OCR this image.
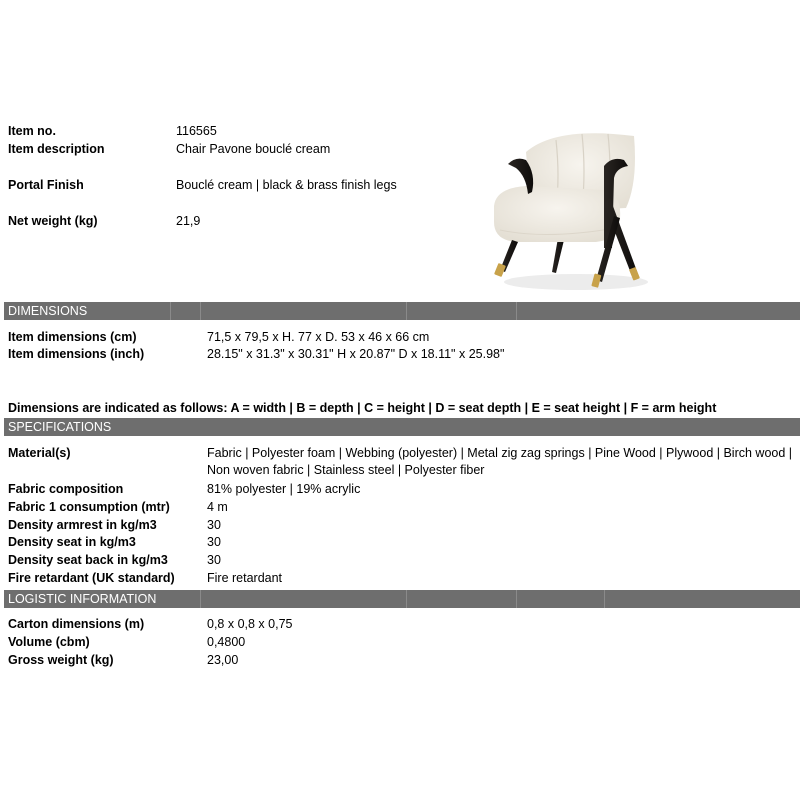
Item no.	116565
Item description	Chair Pavone bouclé cream
Portal Finish	Bouclé cream | black & brass finish legs
Net weight (kg)	21,9
DIMENSIONS
Item dimensions (cm)	71,5 x 79,5 x H. 77 x D. 53 x 46 x 66 cm
Item dimensions (inch)	28.15" x 31.3" x 30.31" H x 20.87" D x 18.11" x 25.98"
Dimensions are indicated as follows: A = width | B = depth | C = height | D = seat depth | E = seat height | F = arm height
SPECIFICATIONS
Material(s)	Fabric | Polyester foam | Webbing (polyester) | Metal zig zag springs | Pine Wood | Plywood | Birch wood |
Non woven fabric | Stainless steel | Polyester fiber
Fabric composition	81% polyester | 19% acrylic
Fabric 1 consumption (mtr)	4 m
Density armrest in kg/m3	30
Density seat in kg/m3	30
Density seat back in kg/m3	30
Fire retardant (UK standard)	Fire retardant
LOGISTIC INFORMATION
Carton dimensions (m)	0,8 x 0,8 x 0,75
Volume (cbm)	0,4800
Gross weight (kg)	23,00
